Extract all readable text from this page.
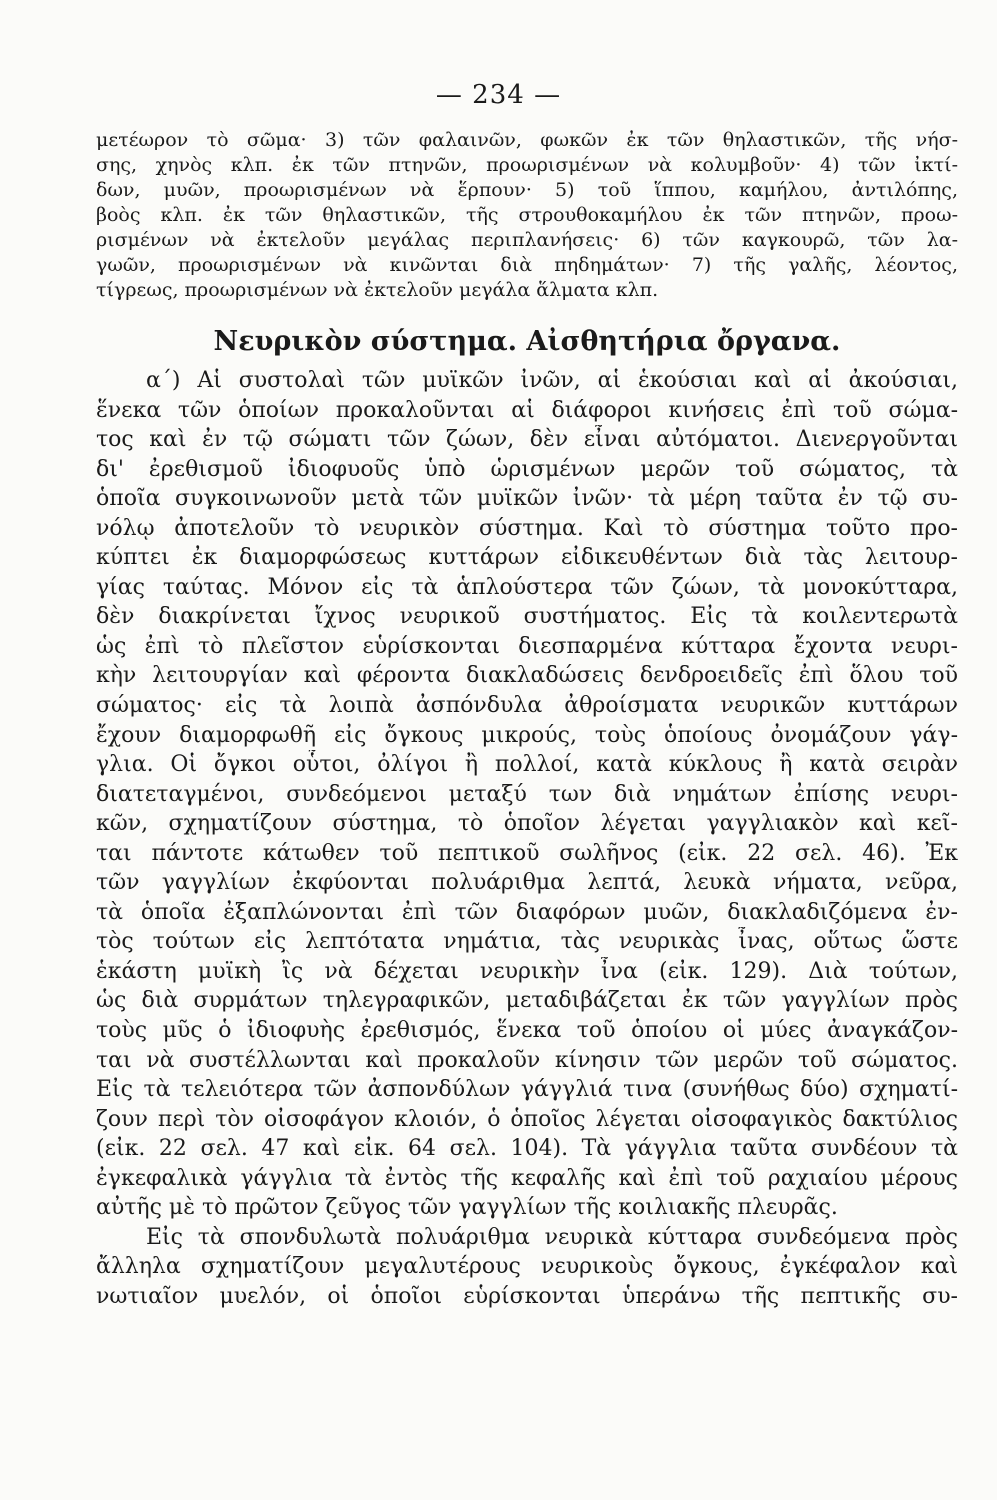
— 234 —
μετέωρον τὸ σῶμα· 3) τῶν φαλαινῶν, φωκῶν ἐκ τῶν θηλαστικῶν, τῆς νήσ-
σης, χηνὸς κλπ. ἐκ τῶν πτηνῶν, προωρισμένων νὰ κολυμβοῦν· 4) τῶν ἰκτί-
δων, μυῶν, προωρισμένων νὰ ἕρπουν· 5) τοῦ ἵππου, καμήλου, ἀντιλόπης,
βοὸς κλπ. ἐκ τῶν θηλαστικῶν, τῆς στρουθοκαμήλου ἐκ τῶν πτηνῶν, προω-
ρισμένων νὰ ἐκτελοῦν μεγάλας περιπλανήσεις· 6) τῶν καγκουρῶ, τῶν λα-
γωῶν, προωρισμένων νὰ κινῶνται διὰ πηδημάτων· 7) τῆς γαλῆς, λέοντος,
τίγρεως, προωρισμένων νὰ ἐκτελοῦν μεγάλα ἅλματα κλπ.
Νευρικὸν σύστημα. Αἰσθητήρια ὄργανα.
α΄) Αἱ συστολαὶ τῶν μυϊκῶν ἰνῶν, αἱ ἑκούσιαι καὶ αἱ ἀκούσιαι,
ἕνεκα τῶν ὁποίων προκαλοῦνται αἱ διάφοροι κινήσεις ἐπὶ τοῦ σώμα-
τος καὶ ἐν τῷ σώματι τῶν ζώων, δὲν εἶναι αὐτόματοι. Διενεργοῦνται
δι' ἐρεθισμοῦ ἰδιοφυοῦς ὑπὸ ὡρισμένων μερῶν τοῦ σώματος, τὰ
ὁποῖα συγκοινωνοῦν μετὰ τῶν μυϊκῶν ἰνῶν· τὰ μέρη ταῦτα ἐν τῷ συ-
νόλῳ ἀποτελοῦν τὸ νευρικὸν σύστημα. Καὶ τὸ σύστημα τοῦτο προ-
κύπτει ἐκ διαμορφώσεως κυττάρων εἰδικευθέντων διὰ τὰς λειτουρ-
γίας ταύτας. Μόνον εἰς τὰ ἁπλούστερα τῶν ζώων, τὰ μονοκύτταρα,
δὲν διακρίνεται ἴχνος νευρικοῦ συστήματος. Εἰς τὰ κοιλεντερωτὰ
ὡς ἐπὶ τὸ πλεῖστον εὑρίσκονται διεσπαρμένα κύτταρα ἔχοντα νευρι-
κὴν λειτουργίαν καὶ φέροντα διακλαδώσεις δενδροειδεῖς ἐπὶ ὅλου τοῦ
σώματος· εἰς τὰ λοιπὰ ἀσπόνδυλα ἀθροίσματα νευρικῶν κυττάρων
ἔχουν διαμορφωθῆ εἰς ὄγκους μικρούς, τοὺς ὁποίους ὀνομάζουν γάγ-
γλια. Οἱ ὄγκοι οὗτοι, ὀλίγοι ἢ πολλοί, κατὰ κύκλους ἢ κατὰ σειρὰν
διατεταγμένοι, συνδεόμενοι μεταξύ των διὰ νημάτων ἐπίσης νευρι-
κῶν, σχηματίζουν σύστημα, τὸ ὁποῖον λέγεται γαγγλιακὸν καὶ κεῖ-
ται πάντοτε κάτωθεν τοῦ πεπτικοῦ σωλῆνος (εἰκ. 22 σελ. 46). Ἐκ
τῶν γαγγλίων ἐκφύονται πολυάριθμα λεπτά, λευκὰ νήματα, νεῦρα,
τὰ ὁποῖα ἐξαπλώνονται ἐπὶ τῶν διαφόρων μυῶν, διακλαδιζόμενα ἐν-
τὸς τούτων εἰς λεπτότατα νημάτια, τὰς νευρικὰς ἶνας, οὕτως ὥστε
ἑκάστη μυϊκὴ ἲς νὰ δέχεται νευρικὴν ἶνα (εἰκ. 129). Διὰ τούτων,
ὡς διὰ συρμάτων τηλεγραφικῶν, μεταδιβάζεται ἐκ τῶν γαγγλίων πρὸς
τοὺς μῦς ὁ ἰδιοφυὴς ἐρεθισμός, ἕνεκα τοῦ ὁποίου οἱ μύες ἀναγκάζον-
ται νὰ συστέλλωνται καὶ προκαλοῦν κίνησιν τῶν μερῶν τοῦ σώματος.
Εἰς τὰ τελειότερα τῶν ἀσπονδύλων γάγγλιά τινα (συνήθως δύο) σχηματί-
ζουν περὶ τὸν οἰσοφάγον κλοιόν, ὁ ὁποῖος λέγεται οἰσοφαγικὸς δακτύλιος
(εἰκ. 22 σελ. 47 καὶ εἰκ. 64 σελ. 104). Τὰ γάγγλια ταῦτα συνδέουν τὰ
ἐγκεφαλικὰ γάγγλια τὰ ἐντὸς τῆς κεφαλῆς καὶ ἐπὶ τοῦ ραχιαίου μέρους
αὐτῆς μὲ τὸ πρῶτον ζεῦγος τῶν γαγγλίων τῆς κοιλιακῆς πλευρᾶς.
Εἰς τὰ σπονδυλωτὰ πολυάριθμα νευρικὰ κύτταρα συνδεόμενα πρὸς
ἄλληλα σχηματίζουν μεγαλυτέρους νευρικοὺς ὄγκους, ἐγκέφαλον καὶ
νωτιαῖον μυελόν, οἱ ὁποῖοι εὑρίσκονται ὑπεράνω τῆς πεπτικῆς συ-
